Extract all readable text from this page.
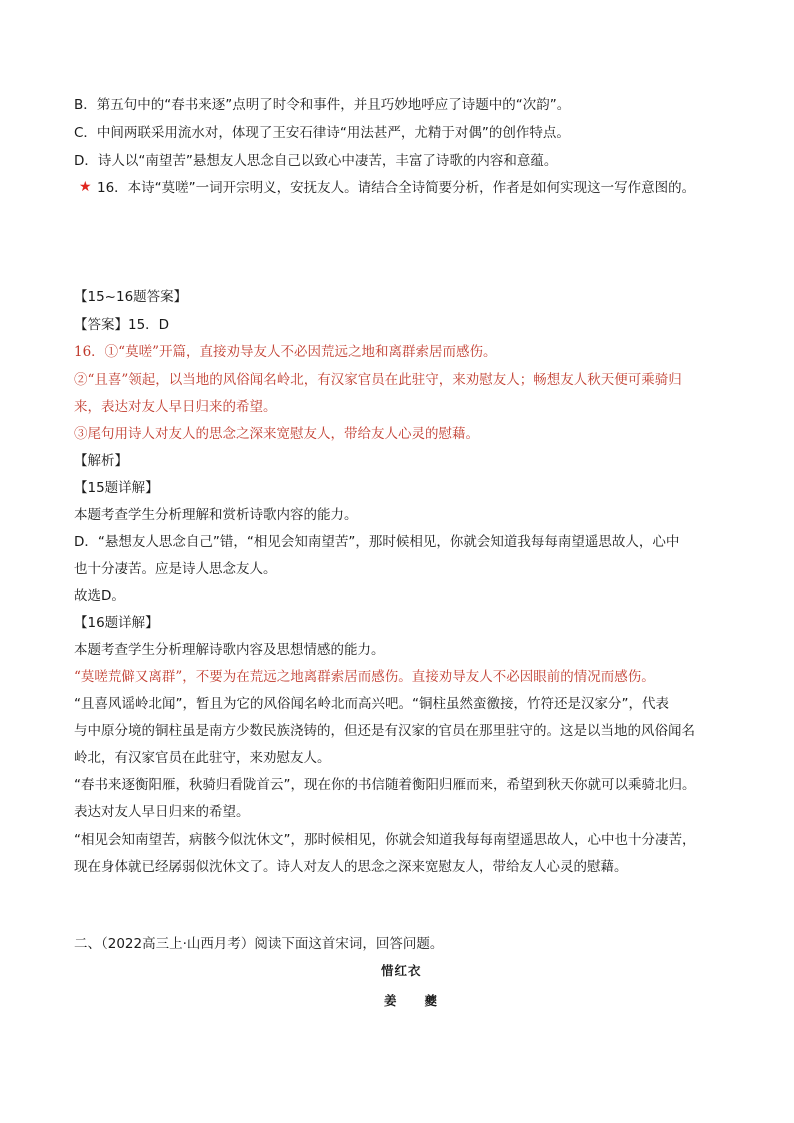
B．第五句中的“春书来逐”点明了时令和事件，并且巧妙地呼应了诗题中的“次韵”。
C．中间两联采用流水对，体现了王安石律诗“用法甚严，尤精于对偶”的创作特点。
D．诗人以“南望苦”悬想友人思念自己以致心中凄苦，丰富了诗歌的内容和意蕴。
★ 16．本诗“莫嗟”一词开宗明义，安抚友人。请结合全诗简要分析，作者是如何实现这一写作意图的。
【15~16题答案】
【答案】15．D
16．①“莫嗟”开篇，直接劝导友人不必因荒远之地和离群索居而感伤。
②“且喜”领起，以当地的风俗闻名岭北，有汉家官员在此驻守，来劝慰友人；畅想友人秋天便可乘骑归
来，表达对友人早日归来的希望。
③尾句用诗人对友人的思念之深来宽慰友人，带给友人心灵的慰藉。
【解析】
【15题详解】
本题考查学生分析理解和赏析诗歌内容的能力。
D．“悬想友人思念自己”错，“相见会知南望苦”，那时候相见，你就会知道我每每南望遥思故人，心中
也十分凄苦。应是诗人思念友人。
故选D。
【16题详解】
本题考查学生分析理解诗歌内容及思想情感的能力。
“莫嗟荒僻又离群”，不要为在荒远之地离群索居而感伤。直接劝导友人不必因眼前的情况而感伤。
“且喜风谣岭北闻”，暂且为它的风俗闻名岭北而高兴吧。“铜柱虽然蛮徼接，竹符还是汉家分”，代表
与中原分境的铜柱虽是南方少数民族浇铸的，但还是有汉家的官员在那里驻守的。这是以当地的风俗闻名
岭北，有汉家官员在此驻守，来劝慰友人。
“春书来逐衡阳雁，秋骑归看陇首云”，现在你的书信随着衡阳归雁而来，希望到秋天你就可以乘骑北归。
表达对友人早日归来的希望。
“相见会知南望苦，病骸今似沈休文”，那时候相见，你就会知道我每每南望遥思故人，心中也十分凄苦，
现在身体就已经孱弱似沈休文了。诗人对友人的思念之深来宽慰友人，带给友人心灵的慰藉。
二、（2022高三上·山西月考）阅读下面这首宋词，回答问题。
惜红衣
姜　　夔
